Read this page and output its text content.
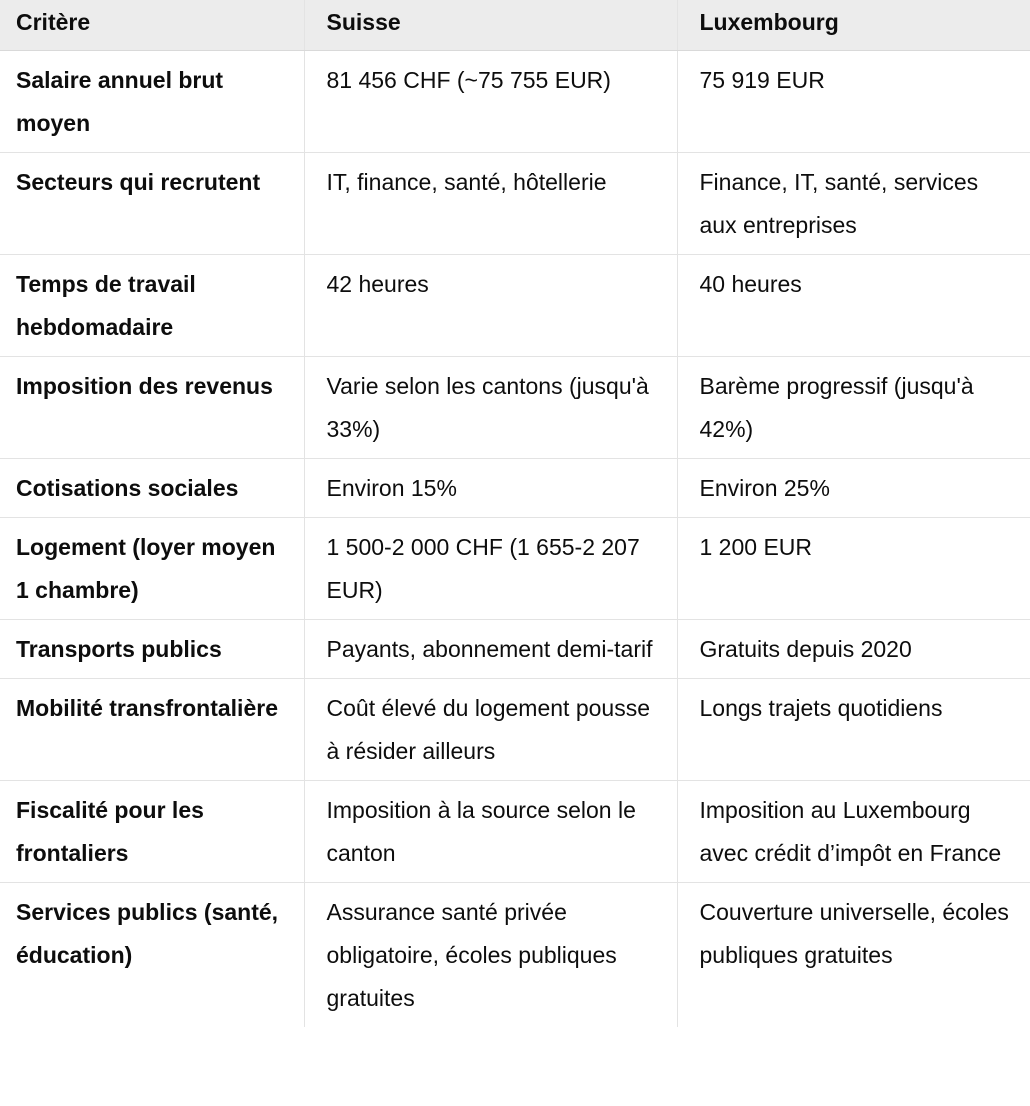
Critère	Suisse	Luxembourg
Salaire annuel brut moyen	81 456 CHF (~75 755 EUR)	75 919 EUR
Secteurs qui recrutent	IT, finance, santé, hôtellerie	Finance, IT, santé, services aux entreprises
Temps de travail hebdomadaire	42 heures	40 heures
Imposition des revenus	Varie selon les cantons (jusqu'à 33%)	Barème progressif (jusqu'à 42%)
Cotisations sociales	Environ 15%	Environ 25%
Logement (loyer moyen 1 chambre)	1 500-2 000 CHF (1 655-2 207 EUR)	1 200 EUR
Transports publics	Payants, abonnement demi-tarif	Gratuits depuis 2020
Mobilité transfrontalière	Coût élevé du logement pousse à résider ailleurs	Longs trajets quotidiens
Fiscalité pour les frontaliers	Imposition à la source selon le canton	Imposition au Luxembourg avec crédit d’impôt en France
Services publics (santé, éducation)	Assurance santé privée obligatoire, écoles publiques gratuites	Couverture universelle, écoles publiques gratuites
